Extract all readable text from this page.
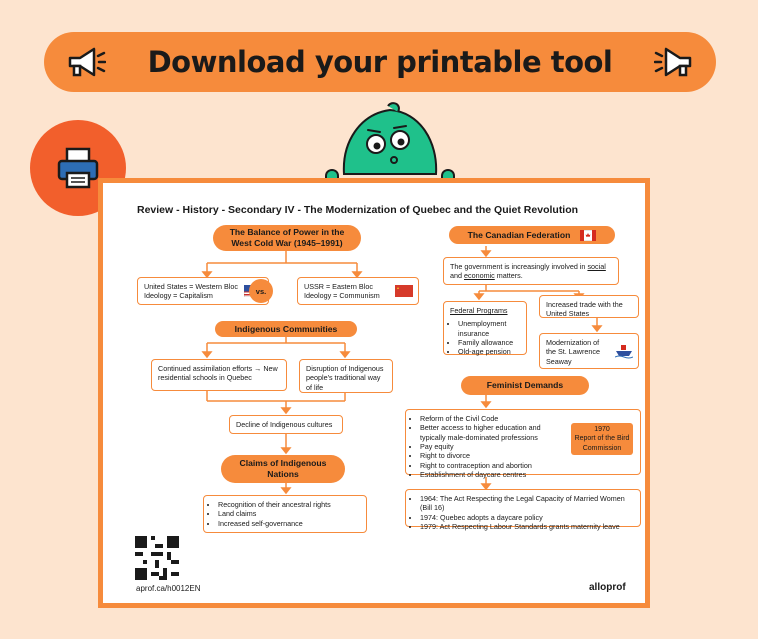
Download your printable tool
Review - History - Secondary IV - The Modernization of Quebec and the Quiet Revolution
The Balance of Power in the West Cold War (1945–1991)
United States = Western Bloc Ideology = Capitalism
vs.	USSR = Eastern Bloc Ideology = Communism
Indigenous Communities
Continued assimilation efforts → New residential schools in Quebec
Disruption of Indigenous people's traditional way of life
Decline of Indigenous cultures
Claims of Indigenous Nations
• Recognition of their ancestral rights
• Land claims
• Increased self-governance
The Canadian Federation
The government is increasingly involved in social and economic matters.
Federal Programs
• Unemployment insurance
• Family allowance
• Old-age pension
Increased trade with the United States
Modernization of the St. Lawrence Seaway
Feminist Demands
• Reform of the Civil Code
• Better access to higher education and typically male-dominated professions
• Pay equity
• Right to divorce
• Right to contraception and abortion
• Establishment of daycare centres
1970
Report of the Bird Commission
• 1964: The Act Respecting the Legal Capacity of Married Women (Bill 16)
• 1974: Quebec adopts a daycare policy
• 1979: Act Respecting Labour Standards grants maternity leave
aprof.ca/h0012EN	alloprof
